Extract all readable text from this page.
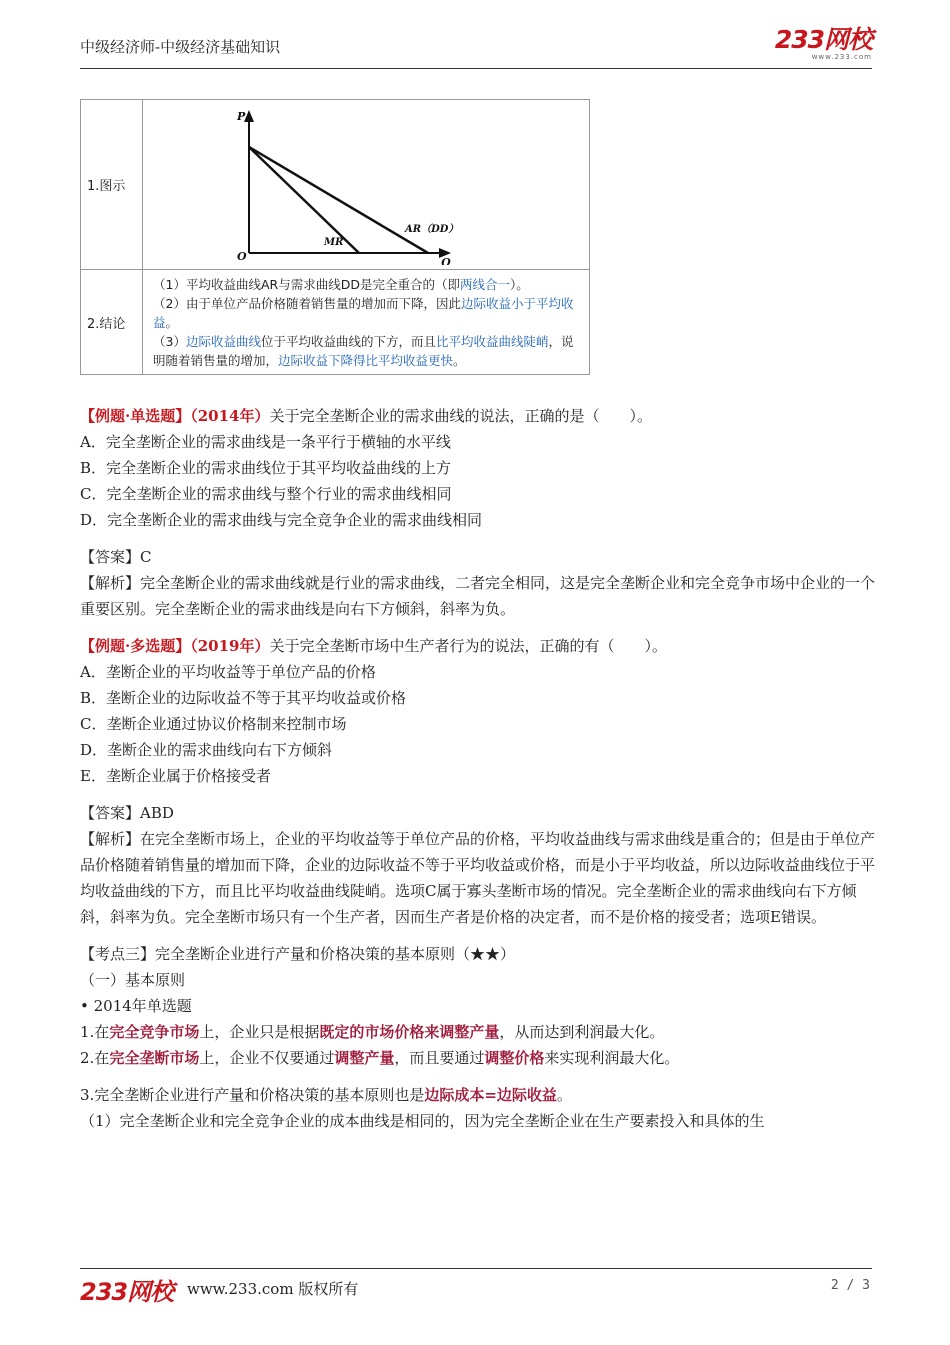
中级经济师-中级经济基础知识	233网校
www.233.com
1.图示	P
Q
O
MR
AR（DD）

2.结论	（1）平均收益曲线AR与需求曲线DD是完全重合的（即两线合一）。
（2）由于单位产品价格随着销售量的增加而下降，因此边际收益小于平均收益。
（3）边际收益曲线位于平均收益曲线的下方，而且比平均收益曲线陡峭，说明随着销售量的增加，边际收益下降得比平均收益更快。

【例题·单选题】（2014年）关于完全垄断企业的需求曲线的说法，正确的是（　　）。

A．完全垄断企业的需求曲线是一条平行于横轴的水平线

B．完全垄断企业的需求曲线位于其平均收益曲线的上方

C．完全垄断企业的需求曲线与整个行业的需求曲线相同

D．完全垄断企业的需求曲线与完全竞争企业的需求曲线相同

【答案】C

【解析】完全垄断企业的需求曲线就是行业的需求曲线，二者完全相同，这是完全垄断企业和完全竞争市场中企业的一个重要区别。完全垄断企业的需求曲线是向右下方倾斜，斜率为负。

【例题·多选题】（2019年）关于完全垄断市场中生产者行为的说法，正确的有（　　）。

A．垄断企业的平均收益等于单位产品的价格

B．垄断企业的边际收益不等于其平均收益或价格

C．垄断企业通过协议价格制来控制市场

D．垄断企业的需求曲线向右下方倾斜

E．垄断企业属于价格接受者

【答案】ABD

【解析】在完全垄断市场上，企业的平均收益等于单位产品的价格，平均收益曲线与需求曲线是重合的；但是由于单位产品价格随着销售量的增加而下降，企业的边际收益不等于平均收益或价格，而是小于平均收益，所以边际收益曲线位于平均收益曲线的下方，而且比平均收益曲线陡峭。选项C属于寡头垄断市场的情况。完全垄断企业的需求曲线向右下方倾斜，斜率为负。完全垄断市场只有一个生产者，因而生产者是价格的决定者，而不是价格的接受者；选项E错误。

【考点三】完全垄断企业进行产量和价格决策的基本原则（★★）

（一）基本原则

• 2014年单选题

1.在完全竞争市场上，企业只是根据既定的市场价格来调整产量，从而达到利润最大化。

2.在完全垄断市场上，企业不仅要通过调整产量，而且要通过调整价格来实现利润最大化。

3.完全垄断企业进行产量和价格决策的基本原则也是边际成本=边际收益。

（1）完全垄断企业和完全竞争企业的成本曲线是相同的，因为完全垄断企业在生产要素投入和具体的生

233网校 www.233.com 版权所有	2 / 3
